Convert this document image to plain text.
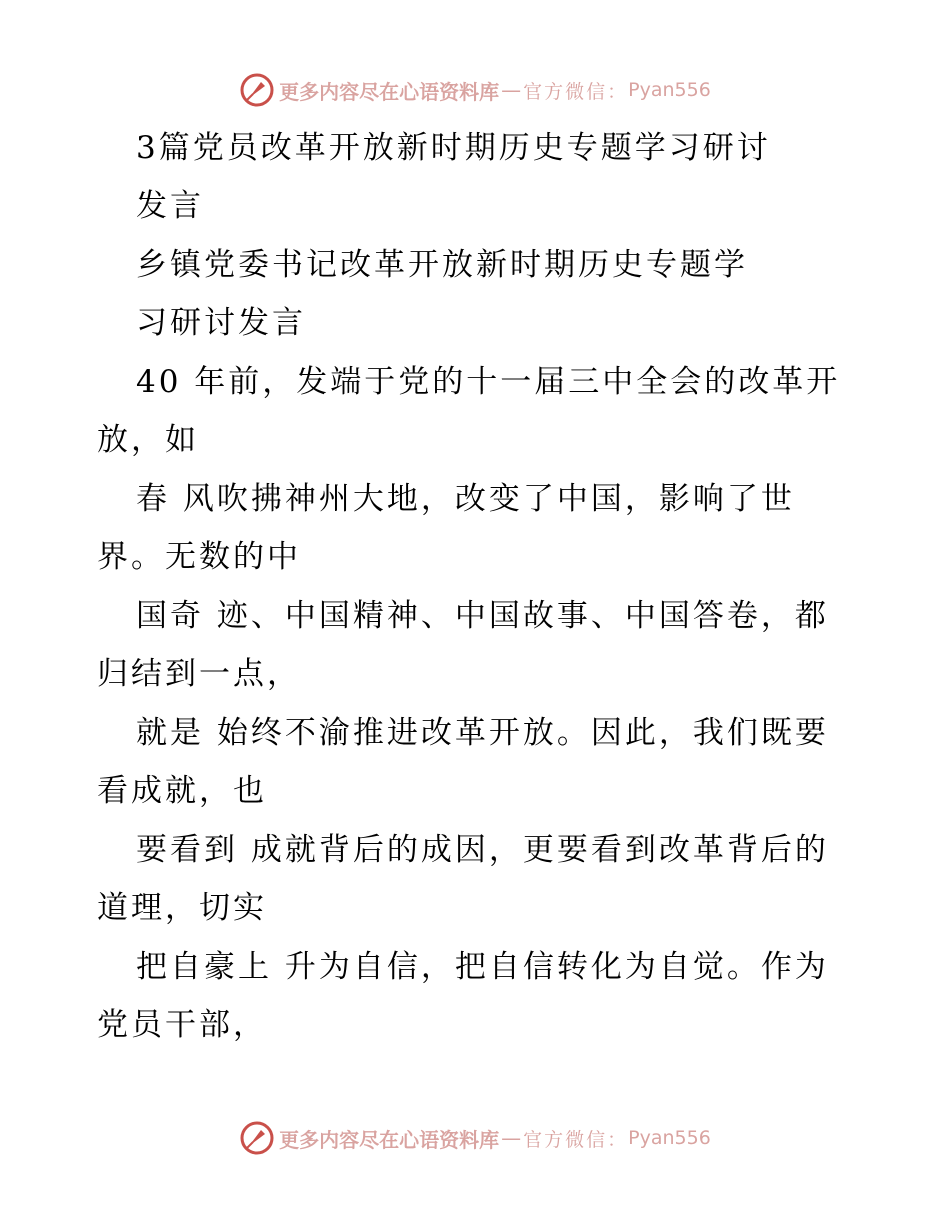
更多内容尽在心语资料库 — 官方微信： Pyan556
3篇党员改革开放新时期历史专题学习研讨
发言
乡镇党委书记改革开放新时期历史专题学
习研讨发言
40 年前，发端于党的十一届三中全会的改革开
放，如
春 风吹拂神州大地，改变了中国，影响了世
界。无数的中
国奇 迹、中国精神、中国故事、中国答卷，都
归结到一点，
就是 始终不渝推进改革开放。因此，我们既要
看成就，也
要看到 成就背后的成因，更要看到改革背后的
道理，切实
把自豪上 升为自信，把自信转化为自觉。作为
党员干部，
更多内容尽在心语资料库 — 官方微信： Pyan556
